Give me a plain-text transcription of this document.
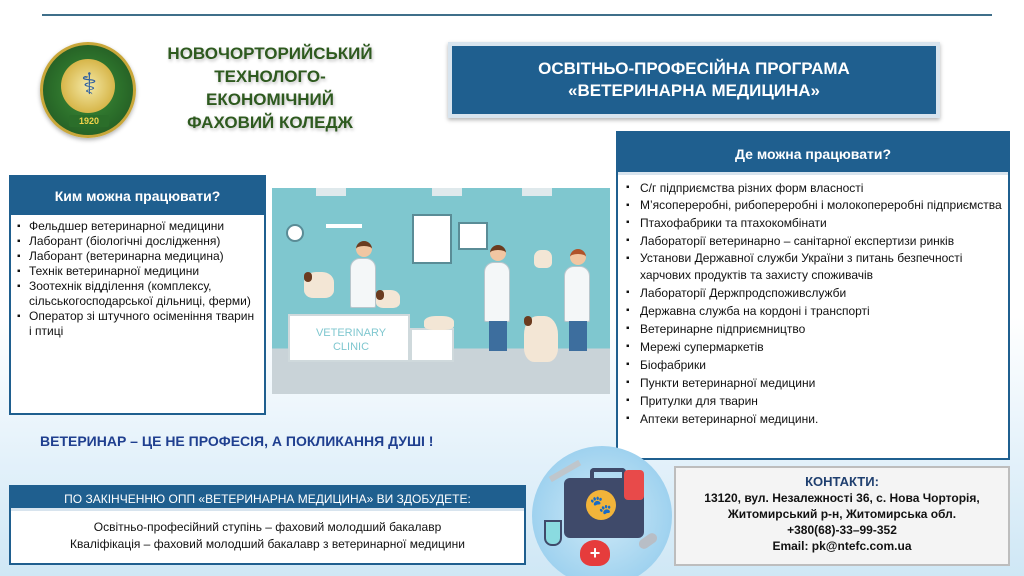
⚕
1920
НОВОЧОРТОРИЙСЬКИЙ
ТЕХНОЛОГО-
ЕКОНОМІЧНИЙ
ФАХОВИЙ КОЛЕДЖ
ОСВІТНЬО-ПРОФЕСІЙНА ПРОГРАМА
«ВЕТЕРИНАРНА МЕДИЦИНА»
Ким можна працювати?
▪ Фельдшер ветеринарної медицини
▪ Лаборант (біологічні дослідження)
▪ Лаборант (ветеринарна медицина)
▪ Технік ветеринарної медицини
▪ Зоотехнік відділення (комплексу, сільськогосподарської дільниці, ферми)
▪ Оператор зі штучного осіменіння тварин і птиці	VETERINARY
CLINIC
Де можна працювати?
▪ С/г підприємства різних форм власності
▪ М’ясопереробні, рибопереробні і молокопереробні підприємства
▪ Птахофабрики та птахокомбінати
▪ Лабораторії ветеринарно – санітарної експертизи ринків
▪ Установи Державної служби України з питань безпечності харчових продуктів та захисту споживачів
▪ Лабораторії Держпродспоживслужби
▪ Державна служба на кордоні і транспорті
▪ Ветеринарне підприємництво
▪ Мережі супермаркетів
▪ Біофабрики
▪ Пункти ветеринарної медицини
▪ Притулки для тварин
▪ Аптеки ветеринарної медицини.
ВЕТЕРИНАР – ЦЕ НЕ ПРОФЕСІЯ, А ПОКЛИКАННЯ ДУШІ !
ПО ЗАКІНЧЕННЮ ОПП «ВЕТЕРИНАРНА МЕДИЦИНА» ВИ ЗДОБУДЕТЕ:
Освітньо-професійний ступінь – фаховий молодший бакалавр
Кваліфікація – фаховий молодший бакалавр з ветеринарної медицини
🐾
+
КОНТАКТИ:
13120, вул. Незалежності 36, с. Нова Чорторія,
Житомирський р-н, Житомирська обл.
+380(68)-33–99-352
Email: pk@ntefc.com.ua
